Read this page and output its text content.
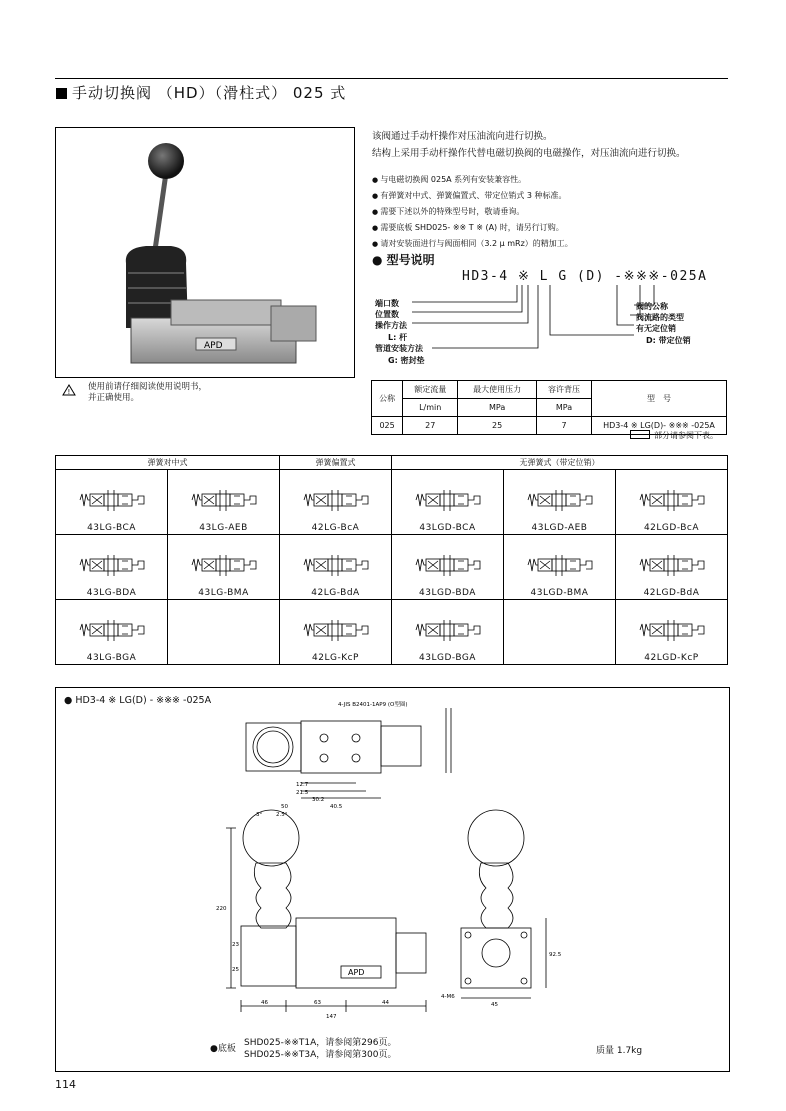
手动切换阀 （HD）（滑柱式） 025 式
APD
! 使用前请仔细阅读使用说明书，
并正确使用。
该阀通过手动杆操作对压油流向进行切换。
结构上采用手动杆操作代替电磁切换阀的电磁操作，对压油流向进行切换。
● 与电磁切换阀 025A 系列有安装兼容性。
● 有弹簧对中式、弹簧偏置式、带定位销式 3 种标准。
● 需要下述以外的特殊型号时，敬请垂询。
● 需要底板 SHD025- ※※ T ※ (A) 时，请另行订购。
● 请对安装面进行与阀面相同（3.2 μ mRz）的精加工。
● 型号说明
HD3-4 ※ L G (D) -※※※-025A
端口数
位置数
操作方法
L: 杆
管道安装方法
G: 密封垫
阀的公称
阀流路的类型
有无定位销
D: 带定位销
公称	额定流量	最大使用压力	容许背压	型　号
	L/min	MPa	MPa	
025	27	25	7	HD3-4 ※ LG(D)- ※※※ -025A
部分请参阅下表。
弹簧对中式		弹簧偏置式	无弹簧式（带定位销）		

43LG-BCA	43LG-AEB	42LG-BcA	43LGD-BCA	43LGD-AEB	42LGD-BcA

43LG-BDA	43LG-BMA	42LG-BdA	43LGD-BDA	43LGD-BMA	42LGD-BdA

43LG-BGA		42LG-KcP	43LGD-BGA		42LGD-KcP
4-JIS B2401-1AP9 (O型圈)
12.7
21.5
30.2
40.5
50
3°	2.5°
220
46	63	44
147
45
4-M6
25
23
92.5
APD
● HD3-4 ※ LG(D) - ※※※ -025A
●底板
SHD025-※※T1A，请参阅第296页。
SHD025-※※T3A，请参阅第300页。	质量 1.7kg
114
